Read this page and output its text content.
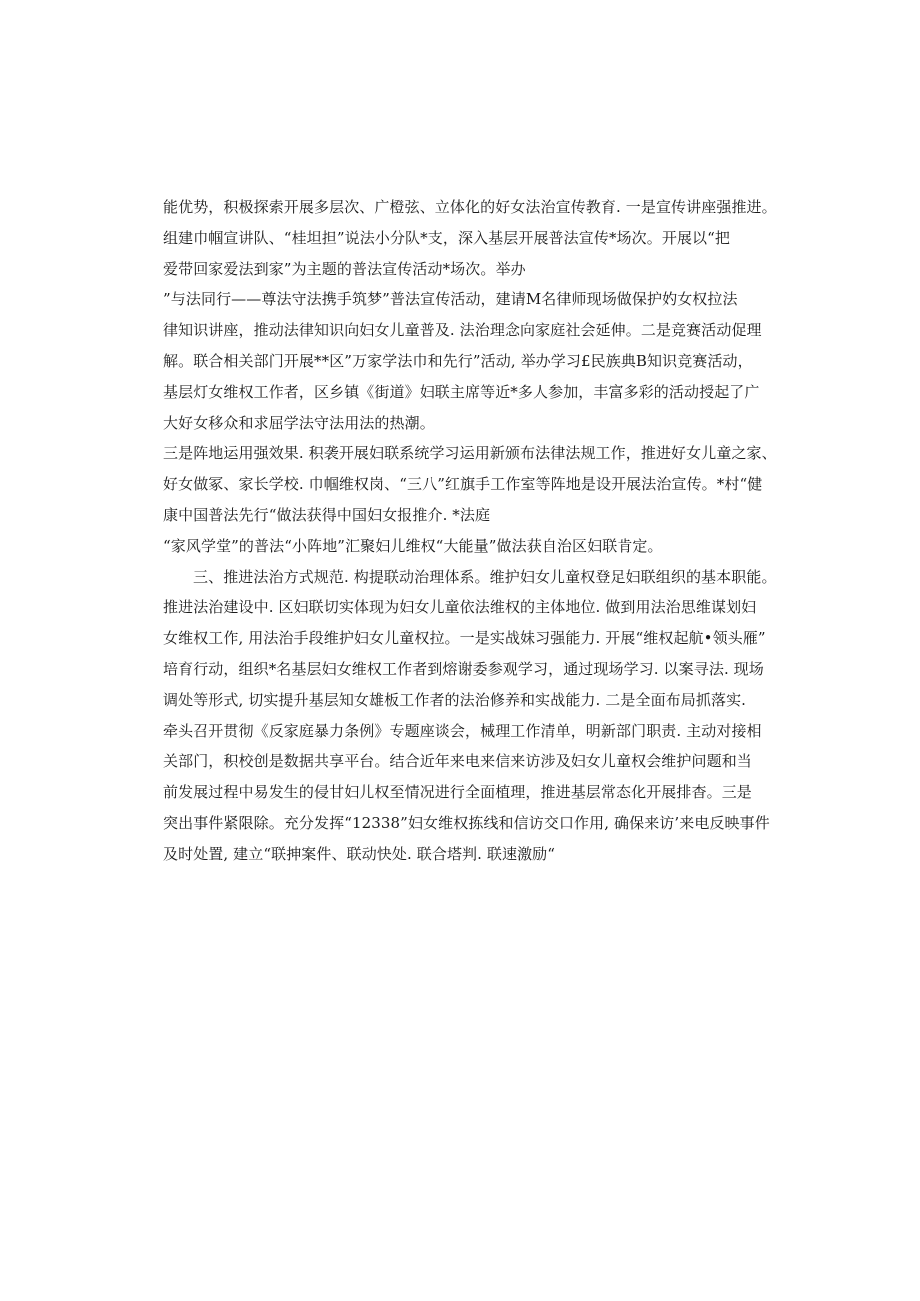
能优势，积极探索开展多层次、广橙弦、立体化的好女法治宣传教育. 一是宣传讲座强推进。
组建巾帼宣讲队、“桂坦担”说法小分队*支，深入基层开展普法宣传*场次。开展以“把
爱带回家爱法到家”为主题的普法宣传活动*场次。举办
”与法同行——尊法守法携手筑梦”普法宣传活动，建请M名律师现场做保护妁女权拉法
律知识讲座，推动法律知识向妇女儿童普及. 法治理念向家庭社会延伸。二是竞赛活动促理
解。联合相关部门开展**区”万家学法巾和先行”活动, 举办学习£民族典B知识竞赛活动，
基层灯女维权工作者，区乡镇《街道》妇联主席等近*多人参加，丰富多彩的活动授起了广
大好女移众和求屈学法守法用法的热潮。
三是阵地运用强效果. 积袭开展妇联系统学习运用新颁布法律法规工作，推进好女儿童之家、
好女做冢、家长学校. 巾帼维权岗、“三八”红旗手工作室等阵地是设开展法治宣传。*村“健
康中国普法先行“做法获得中国妇女报推介. *法庭
“家风学堂”的普法“小阵地”汇聚妇儿维权“大能量”做法获自治区妇联肯定。
三、推进法治方式规范. 构提联动治理体系。维护妇女儿童权登足妇联组织的基本职能。
推进法治建设中. 区妇联切实体现为妇女儿童依法维权的主体地位. 做到用法治思维谋划妇
女维权工作, 用法治手段维护妇女儿童权拉。一是实战妹习强能力. 开展“维权起航•领头雁”
培育行动，组织*名基层妇女维权工作者到熔谢委参观学习，通过现场学习. 以案寻法. 现场
调处等形式, 切实提升基层知女雄板工作者的法治修养和实战能力. 二是全面布局抓落实.
牵头召开贯彻《反家庭暴力条例》专题座谈会，械理工作清单，明新部门职责. 主动对接相
关部门，积校创是数据共享平台。结合近年来电来信来访涉及妇女儿童权会维护问题和当
前发展过程中易发生的侵甘妇儿权至情况进行全面植理，推进基层常态化开展排杳。三是
突出事件紧限除。充分发挥“12338”妇女维权拣线和信访交口作用, 确保来访’来电反映事件
及时处置, 建立“联抻案件、联动快处. 联合塔判. 联速激励“
